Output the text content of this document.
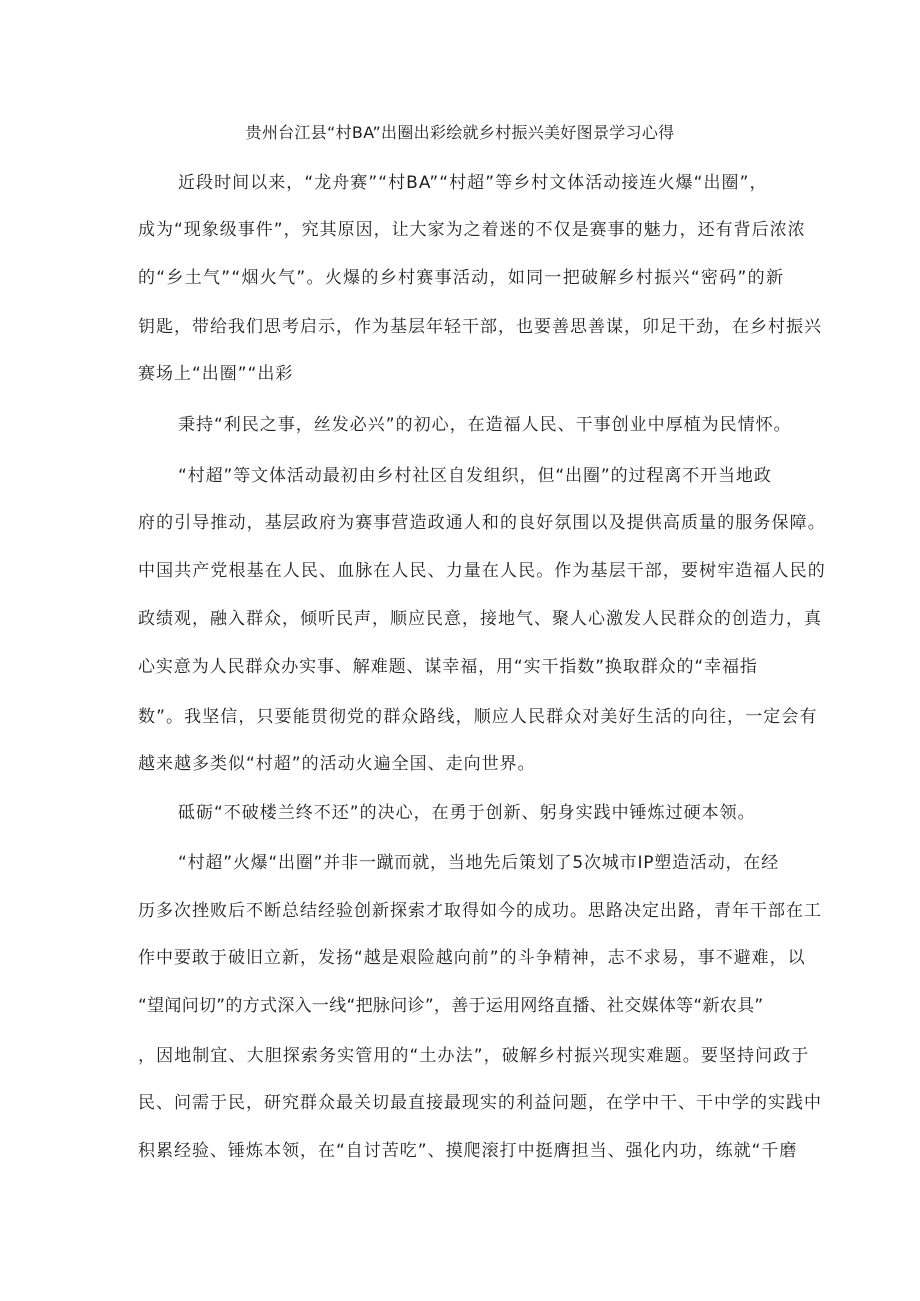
贵州台江县“村BA”出圈出彩绘就乡村振兴美好图景学习心得
近段时间以来，“龙舟赛”“村BA”“村超”等乡村文体活动接连火爆“出圈”，
成为“现象级事件”，究其原因，让大家为之着迷的不仅是赛事的魅力，还有背后浓浓
的“乡土气”“烟火气”。火爆的乡村赛事活动，如同一把破解乡村振兴“密码”的新
钥匙，带给我们思考启示，作为基层年轻干部，也要善思善谋，卯足干劲，在乡村振兴
赛场上“出圈”“出彩
秉持“利民之事，丝发必兴”的初心，在造福人民、干事创业中厚植为民情怀。
“村超”等文体活动最初由乡村社区自发组织，但“出圈”的过程离不开当地政
府的引导推动，基层政府为赛事营造政通人和的良好氛围以及提供高质量的服务保障。
中国共产党根基在人民、血脉在人民、力量在人民。作为基层干部，要树牢造福人民的
政绩观，融入群众，倾听民声，顺应民意，接地气、聚人心激发人民群众的创造力，真
心实意为人民群众办实事、解难题、谋幸福，用“实干指数”换取群众的“幸福指
数”。我坚信，只要能贯彻党的群众路线，顺应人民群众对美好生活的向往，一定会有
越来越多类似“村超”的活动火遍全国、走向世界。
砥砺“不破楼兰终不还”的决心，在勇于创新、躬身实践中锤炼过硬本领。
“村超”火爆“出圈”并非一蹴而就，当地先后策划了5次城市IP塑造活动，在经
历多次挫败后不断总结经验创新探索才取得如今的成功。思路决定出路，青年干部在工
作中要敢于破旧立新，发扬“越是艰险越向前”的斗争精神，志不求易，事不避难，以
“望闻问切”的方式深入一线“把脉问诊”，善于运用网络直播、社交媒体等“新农具”
，因地制宜、大胆探索务实管用的“土办法”，破解乡村振兴现实难题。要坚持问政于
民、问需于民，研究群众最关切最直接最现实的利益问题，在学中干、干中学的实践中
积累经验、锤炼本领，在“自讨苦吃”、摸爬滚打中挺膺担当、强化内功，练就“千磨
